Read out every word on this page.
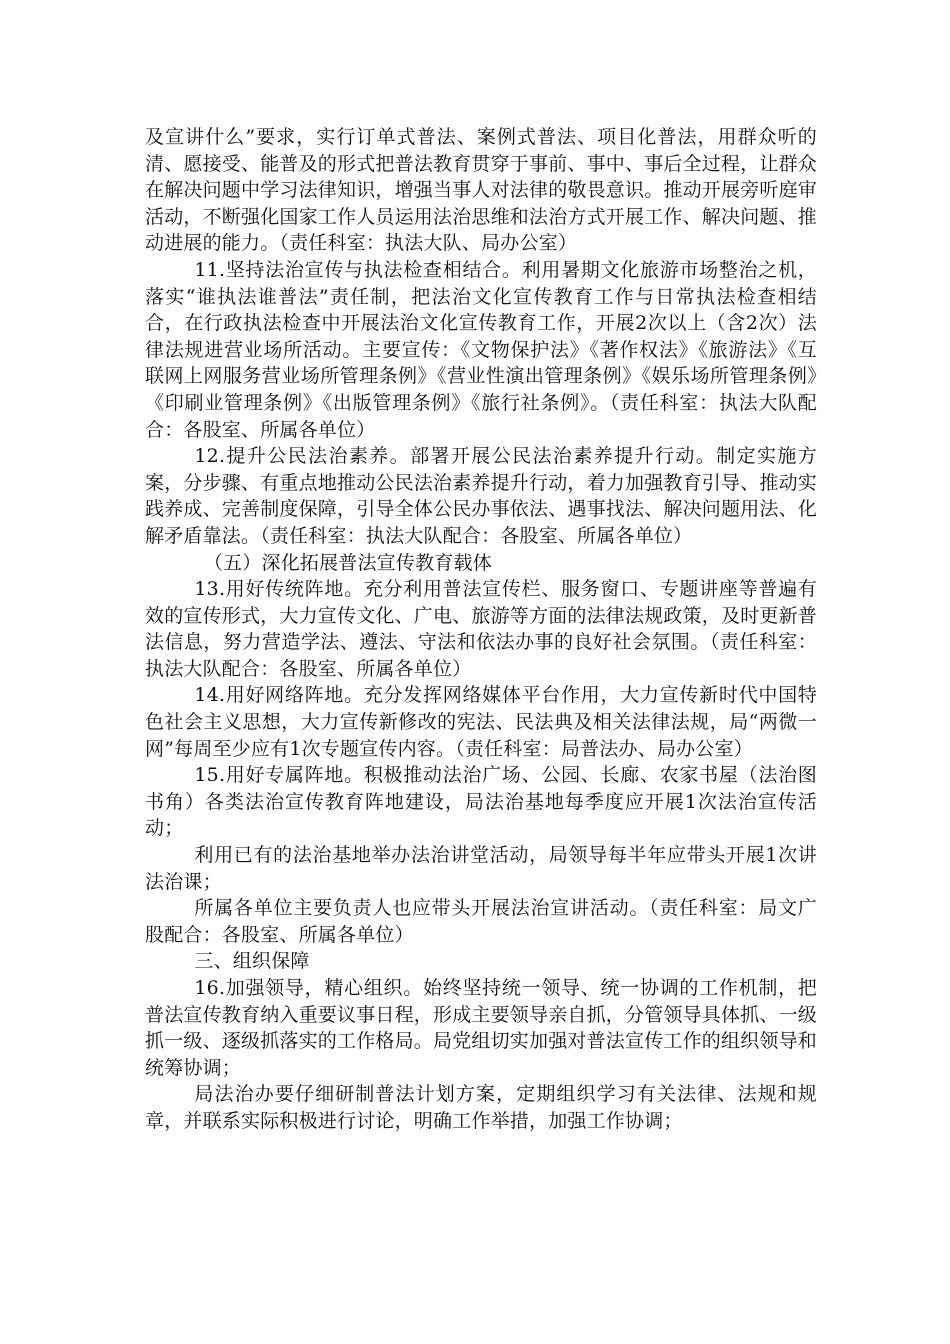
及宣讲什么”要求，实行订单式普法、案例式普法、项目化普法，用群众听的清、愿接受、能普及的形式把普法教育贯穿于事前、事中、事后全过程，让群众在解决问题中学习法律知识，增强当事人对法律的敬畏意识。推动开展旁听庭审活动，不断强化国家工作人员运用法治思维和法治方式开展工作、解决问题、推动进展的能力。（责任科室：执法大队、局办公室）

11.坚持法治宣传与执法检查相结合。利用暑期文化旅游市场整治之机，落实“谁执法谁普法”责任制，把法治文化宣传教育工作与日常执法检查相结合，在行政执法检查中开展法治文化宣传教育工作，开展2次以上（含2次）法律法规进营业场所活动。主要宣传：《文物保护法》《著作权法》《旅游法》《互联网上网服务营业场所管理条例》《营业性演出管理条例》《娱乐场所管理条例》《印刷业管理条例》《出版管理条例》《旅行社条例》。（责任科室：执法大队配合：各股室、所属各单位）

12.提升公民法治素养。部署开展公民法治素养提升行动。制定实施方案，分步骤、有重点地推动公民法治素养提升行动，着力加强教育引导、推动实践养成、完善制度保障，引导全体公民办事依法、遇事找法、解决问题用法、化解矛盾靠法。（责任科室：执法大队配合：各股室、所属各单位）

（五）深化拓展普法宣传教育载体

13.用好传统阵地。充分利用普法宣传栏、服务窗口、专题讲座等普遍有效的宣传形式，大力宣传文化、广电、旅游等方面的法律法规政策，及时更新普法信息，努力营造学法、遵法、守法和依法办事的良好社会氛围。（责任科室：执法大队配合：各股室、所属各单位）

14.用好网络阵地。充分发挥网络媒体平台作用，大力宣传新时代中国特色社会主义思想，大力宣传新修改的宪法、民法典及相关法律法规，局“两微一网”每周至少应有1次专题宣传内容。（责任科室：局普法办、局办公室）

15.用好专属阵地。积极推动法治广场、公园、长廊、农家书屋（法治图书角）各类法治宣传教育阵地建设，局法治基地每季度应开展1次法治宣传活动；

利用已有的法治基地举办法治讲堂活动，局领导每半年应带头开展1次讲法治课；

所属各单位主要负责人也应带头开展法治宣讲活动。（责任科室：局文广股配合：各股室、所属各单位）

三、组织保障

16.加强领导，精心组织。始终坚持统一领导、统一协调的工作机制，把普法宣传教育纳入重要议事日程，形成主要领导亲自抓，分管领导具体抓、一级抓一级、逐级抓落实的工作格局。局党组切实加强对普法宣传工作的组织领导和统筹协调；

局法治办要仔细研制普法计划方案，定期组织学习有关法律、法规和规章，并联系实际积极进行讨论，明确工作举措，加强工作协调；
